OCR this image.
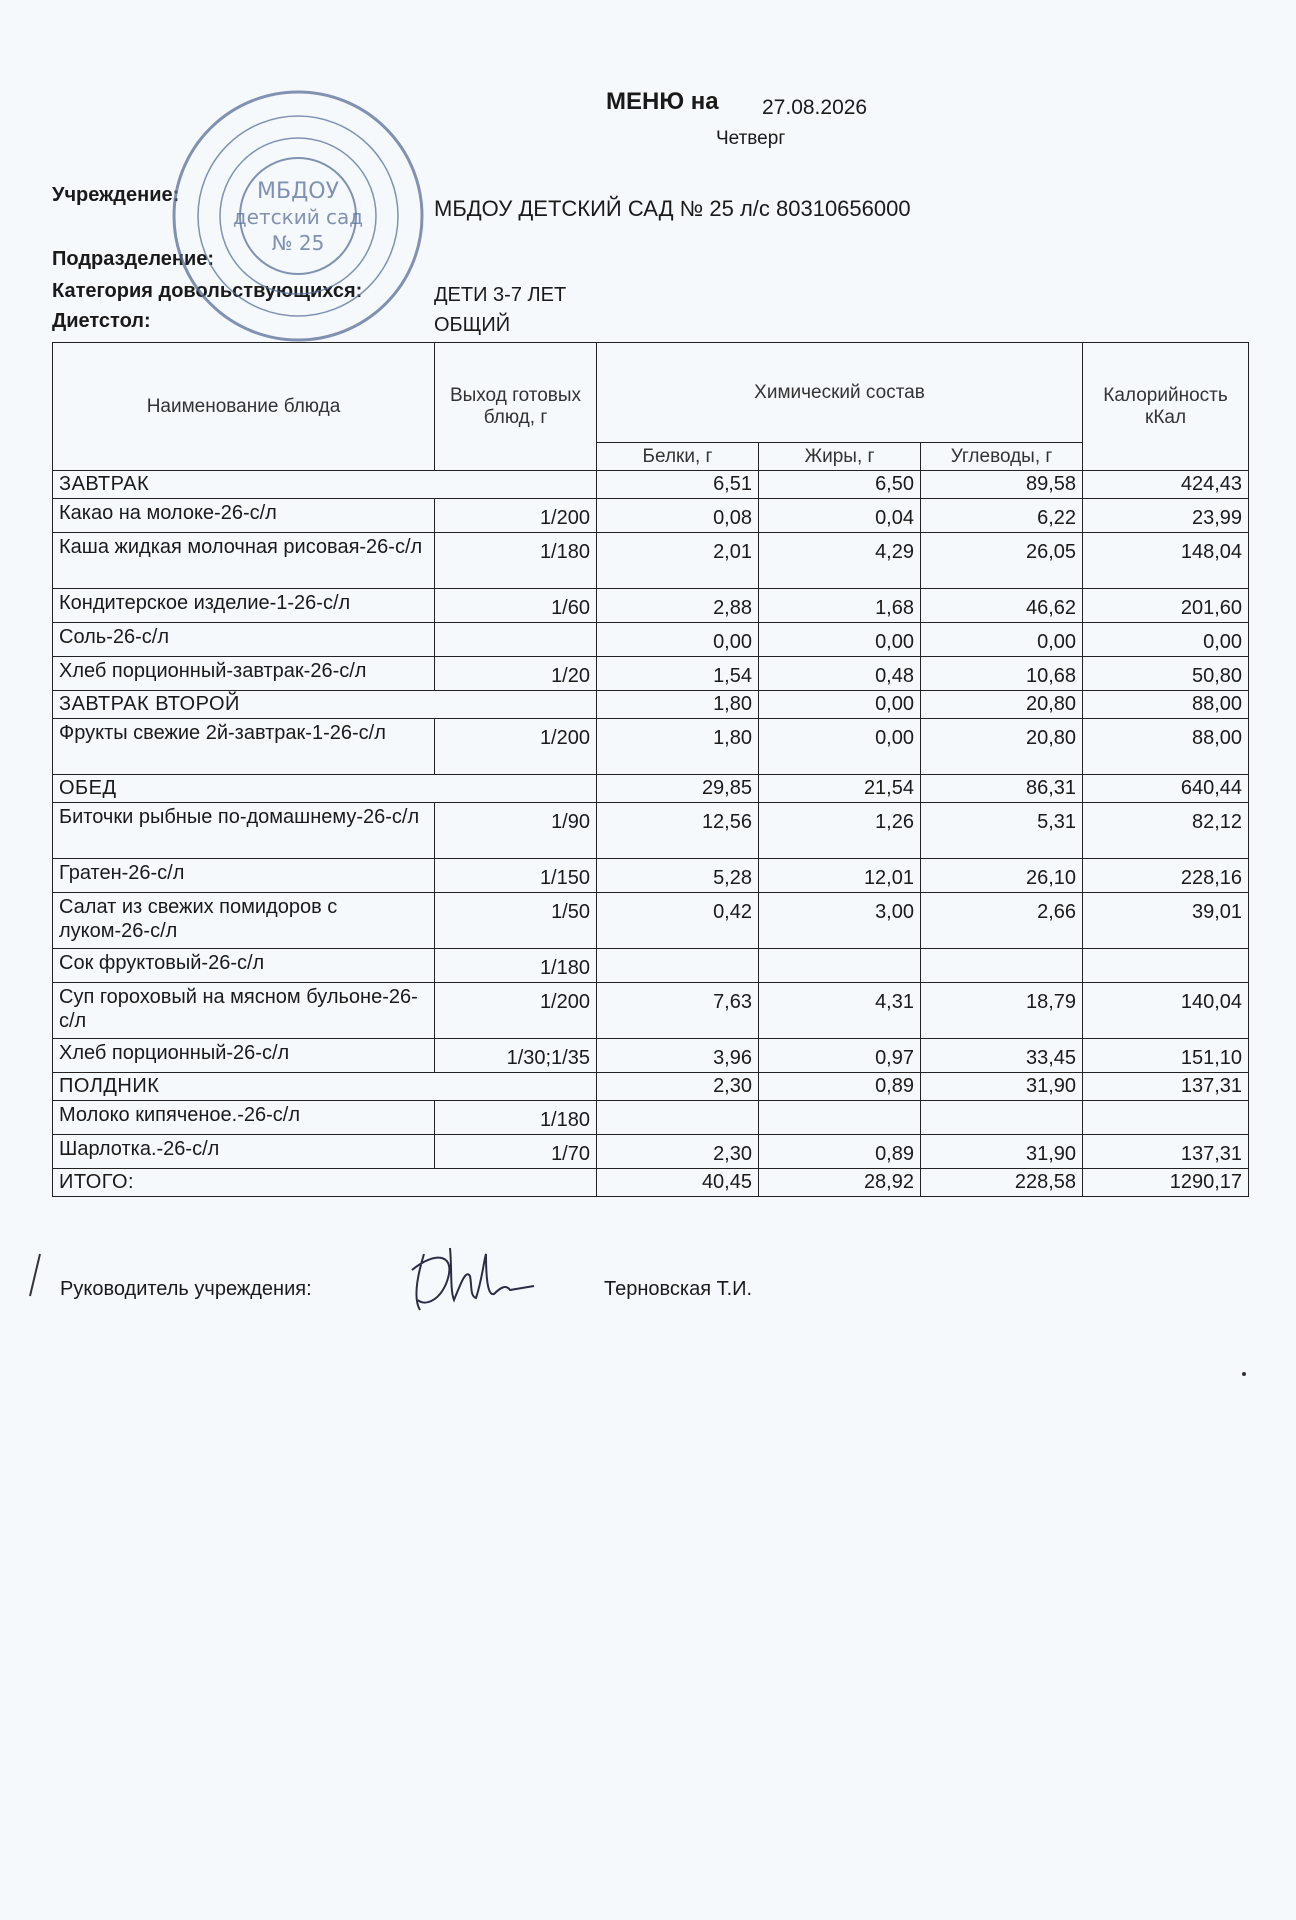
МЕНЮ на 27.08.2026
Четверг
Учреждение:
МБДОУ ДЕТСКИЙ САД № 25 л/с 80310656000
Подразделение:
Категория довольствующихся:	ДЕТИ 3-7 ЛЕТ
Диетстол:	ОБЩИЙ
МБДОУ
детский сад
№ 25
Наименование блюда	Выход готовых блюд, г	Химический состав			Калорийность кКал
		Белки, г	Жиры, г	Углеводы, г	
ЗАВТРАК		6,51	6,50	89,58	424,43
Какао на молоке-26-с/л	1/200	0,08	0,04	6,22	23,99
Каша жидкая молочная рисовая-26-с/л	1/180	2,01	4,29	26,05	148,04
Кондитерское изделие-1-26-с/л	1/60	2,88	1,68	46,62	201,60
Соль-26-с/л		0,00	0,00	0,00	0,00
Хлеб порционный-завтрак-26-с/л	1/20	1,54	0,48	10,68	50,80
ЗАВТРАК ВТОРОЙ		1,80	0,00	20,80	88,00
Фрукты свежие 2й-завтрак-1-26-с/л	1/200	1,80	0,00	20,80	88,00
ОБЕД		29,85	21,54	86,31	640,44
Биточки рыбные по-домашнему-26-с/л	1/90	12,56	1,26	5,31	82,12
Гратен-26-с/л	1/150	5,28	12,01	26,10	228,16
Салат из свежих помидоров с луком-26-с/л	1/50	0,42	3,00	2,66	39,01
Сок фруктовый-26-с/л	1/180				
Суп гороховый на мясном бульоне-26-с/л	1/200	7,63	4,31	18,79	140,04
Хлеб порционный-26-с/л	1/30;1/35	3,96	0,97	33,45	151,10
ПОЛДНИК		2,30	0,89	31,90	137,31
Молоко кипяченое.-26-с/л	1/180				
Шарлотка.-26-с/л	1/70	2,30	0,89	31,90	137,31
ИТОГО:		40,45	28,92	228,58	1290,17
Руководитель учреждения:	Терновская Т.И.
